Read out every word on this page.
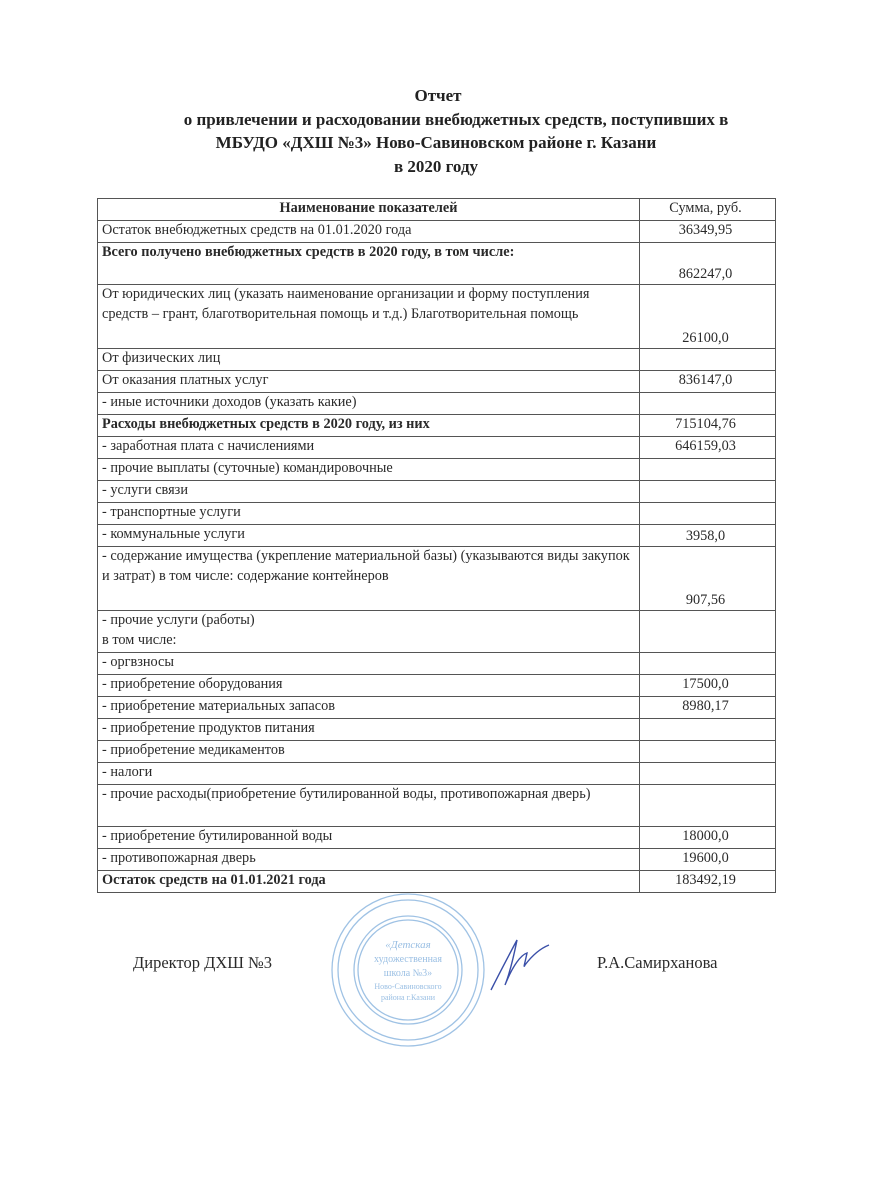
Отчет
о привлечении и расходовании внебюджетных средств, поступивших в
МБУДО «ДХШ №3» Ново-Савиновском районе г. Казани
в 2020 году
Наименование показателей	Сумма, руб.
Остаток внебюджетных средств на 01.01.2020 года	36349,95
Всего получено внебюджетных средств в 2020 году, в том числе:	862247,0
От юридических лиц (указать наименование организации и форму поступления средств – грант, благотворительная помощь и т.д.) Благотворительная помощь	26100,0
От физических лиц	
От оказания платных услуг	836147,0
- иные источники доходов (указать какие)	
Расходы внебюджетных средств в 2020 году, из них	715104,76
- заработная плата с начислениями	646159,03
- прочие выплаты (суточные) командировочные	
- услуги связи	
- транспортные услуги	
- коммунальные услуги	3958,0
- содержание имущества (укрепление материальной базы) (указываются виды закупок и затрат) в том числе: содержание контейнеров	907,56
- прочие услуги (работы)
в том числе:	
- оргвзносы	
- приобретение оборудования	17500,0
- приобретение материальных запасов	8980,17
- приобретение продуктов питания	
- приобретение медикаментов	
- налоги	
- прочие расходы(приобретение бутилированной воды, противопожарная дверь)	
- приобретение бутилированной воды	18000,0
- противопожарная дверь	19600,0
Остаток средств на 01.01.2021 года	183492,19
«Детская
художественная
школа №3»
Ново-Савиновского
района г.Казани
Директор ДХШ №3	Р.А.Самирханова
